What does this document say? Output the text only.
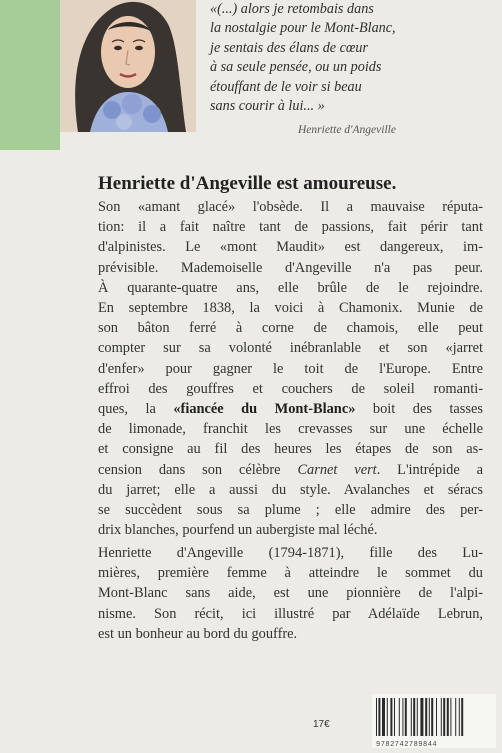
«(...) alors je retombais dans

la nostalgie pour le Mont-Blanc,

je sentais des élans de cœur

à sa seule pensée, ou un poids

étouffant de le voir si beau

sans courir à lui... »

Henriette d'Angeville
Henriette d'Angeville est amoureuse.
Son «amant glacé» l'obsède. Il a mauvaise réputa-
tion: il a fait naître tant de passions, fait périr tant
d'alpinistes. Le «mont Maudit» est dangereux, im-
prévisible. Mademoiselle d'Angeville n'a pas peur.
À quarante-quatre ans, elle brûle de le rejoindre.
En septembre 1838, la voici à Chamonix. Munie de
son bâton ferré à corne de chamois, elle peut
compter sur sa volonté inébranlable et son «jarret
d'enfer» pour gagner le toit de l'Europe. Entre
effroi des gouffres et couchers de soleil romanti-
ques, la «fiancée du Mont-Blanc» boit des tasses
de limonade, franchit les crevasses sur une échelle
et consigne au fil des heures les étapes de son as-
cension dans son célèbre Carnet vert. L'intrépide a
du jarret; elle a aussi du style. Avalanches et séracs
se succèdent sous sa plume ; elle admire des per-
drix blanches, pourfend un aubergiste mal léché.
Henriette d'Angeville (1794-1871), fille des Lu-
mières, première femme à atteindre le sommet du
Mont-Blanc sans aide, est une pionnière de l'alpi-
nisme. Son récit, ici illustré par Adélaïde Lebrun,
est un bonheur au bord du gouffre.
17€
9782742789844
